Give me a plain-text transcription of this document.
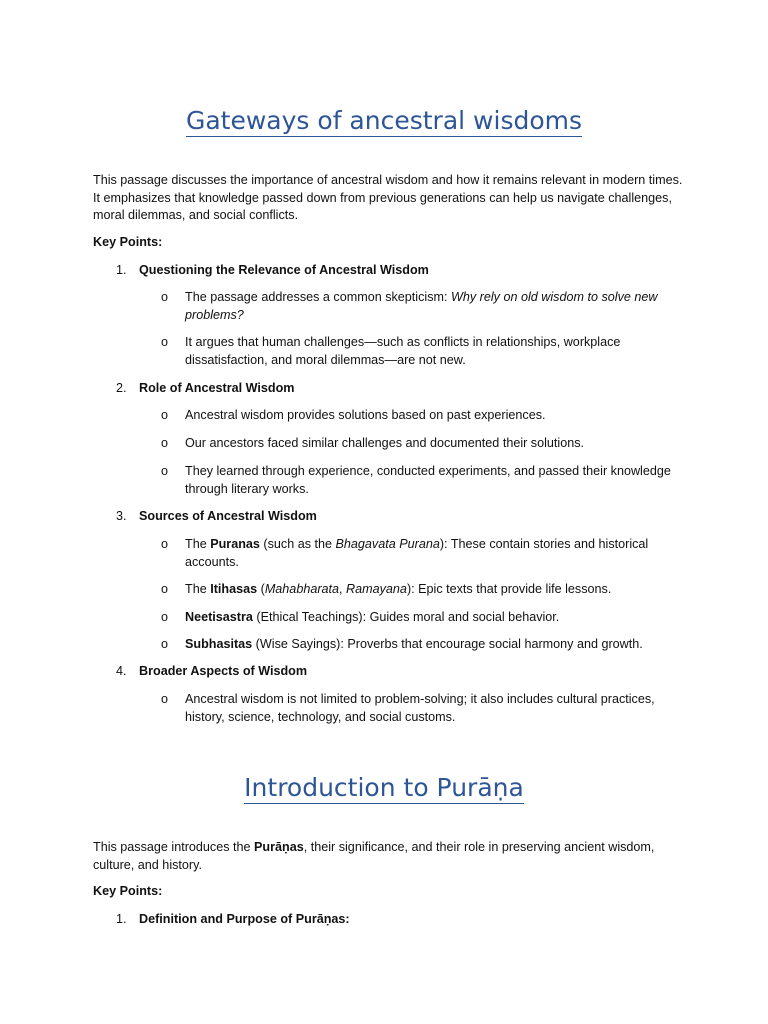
Gateways of ancestral wisdoms

This passage discusses the importance of ancestral wisdom and how it remains relevant in modern times. It emphasizes that knowledge passed down from previous generations can help us navigate challenges, moral dilemmas, and social conflicts.

Key Points:

1. Questioning the Relevance of Ancestral Wisdom
o The passage addresses a common skepticism: Why rely on old wisdom to solve new problems?
o It argues that human challenges—such as conflicts in relationships, workplace dissatisfaction, and moral dilemmas—are not new.
2. Role of Ancestral Wisdom
o Ancestral wisdom provides solutions based on past experiences.
o Our ancestors faced similar challenges and documented their solutions.
o They learned through experience, conducted experiments, and passed their knowledge through literary works.
3. Sources of Ancestral Wisdom
o The Puranas (such as the Bhagavata Purana): These contain stories and historical accounts.
o The Itihasas (Mahabharata, Ramayana): Epic texts that provide life lessons.
o Neetisastra (Ethical Teachings): Guides moral and social behavior.
o Subhasitas (Wise Sayings): Proverbs that encourage social harmony and growth.
4. Broader Aspects of Wisdom
o Ancestral wisdom is not limited to problem-solving; it also includes cultural practices, history, science, technology, and social customs.
Introduction to Purāṇa

This passage introduces the Purāṇas, their significance, and their role in preserving ancient wisdom, culture, and history.

Key Points:

1. Definition and Purpose of Purāṇas:
